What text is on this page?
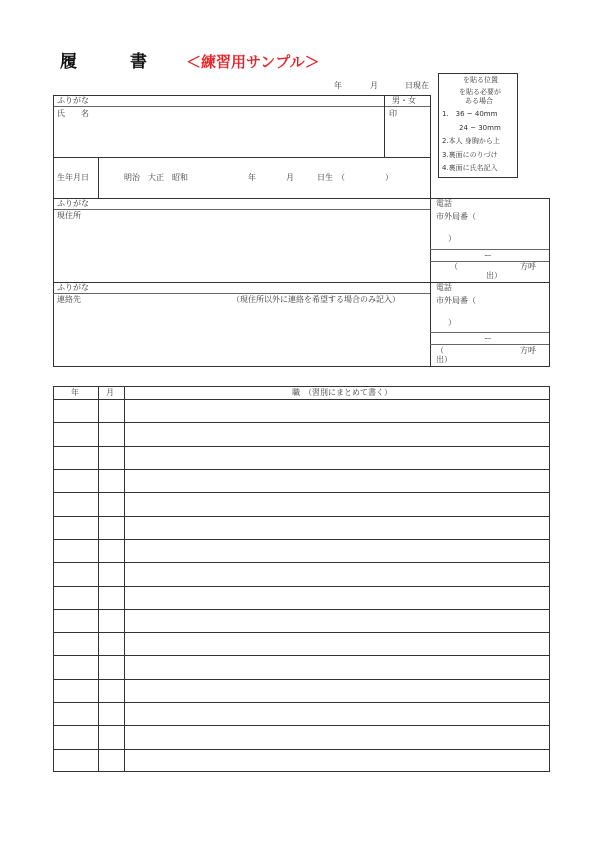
履	書	＜練習用サンプル＞
年	月	日現在
を貼る位置
を貼る必要が
ある場合
1.　36 ~ 40mm
24 ~ 30mm
2.本人 身胸から上
3.裏面にのりづけ
4.裏面に氏名記入
ふりがな
氏　　名
男・女
印
生年月日	明治　大正　昭和	年	月	日生　（　　　　　）
ふりがな
現住所
電話
市外局番（
）
ー
（	方呼
出）
ふりがな
連絡先	（現住所以外に連絡を希望する場合のみ記入）
電話
市外局番（
）
ー
（	方呼
出）
年	月	職　（習別にまとめて書く）
